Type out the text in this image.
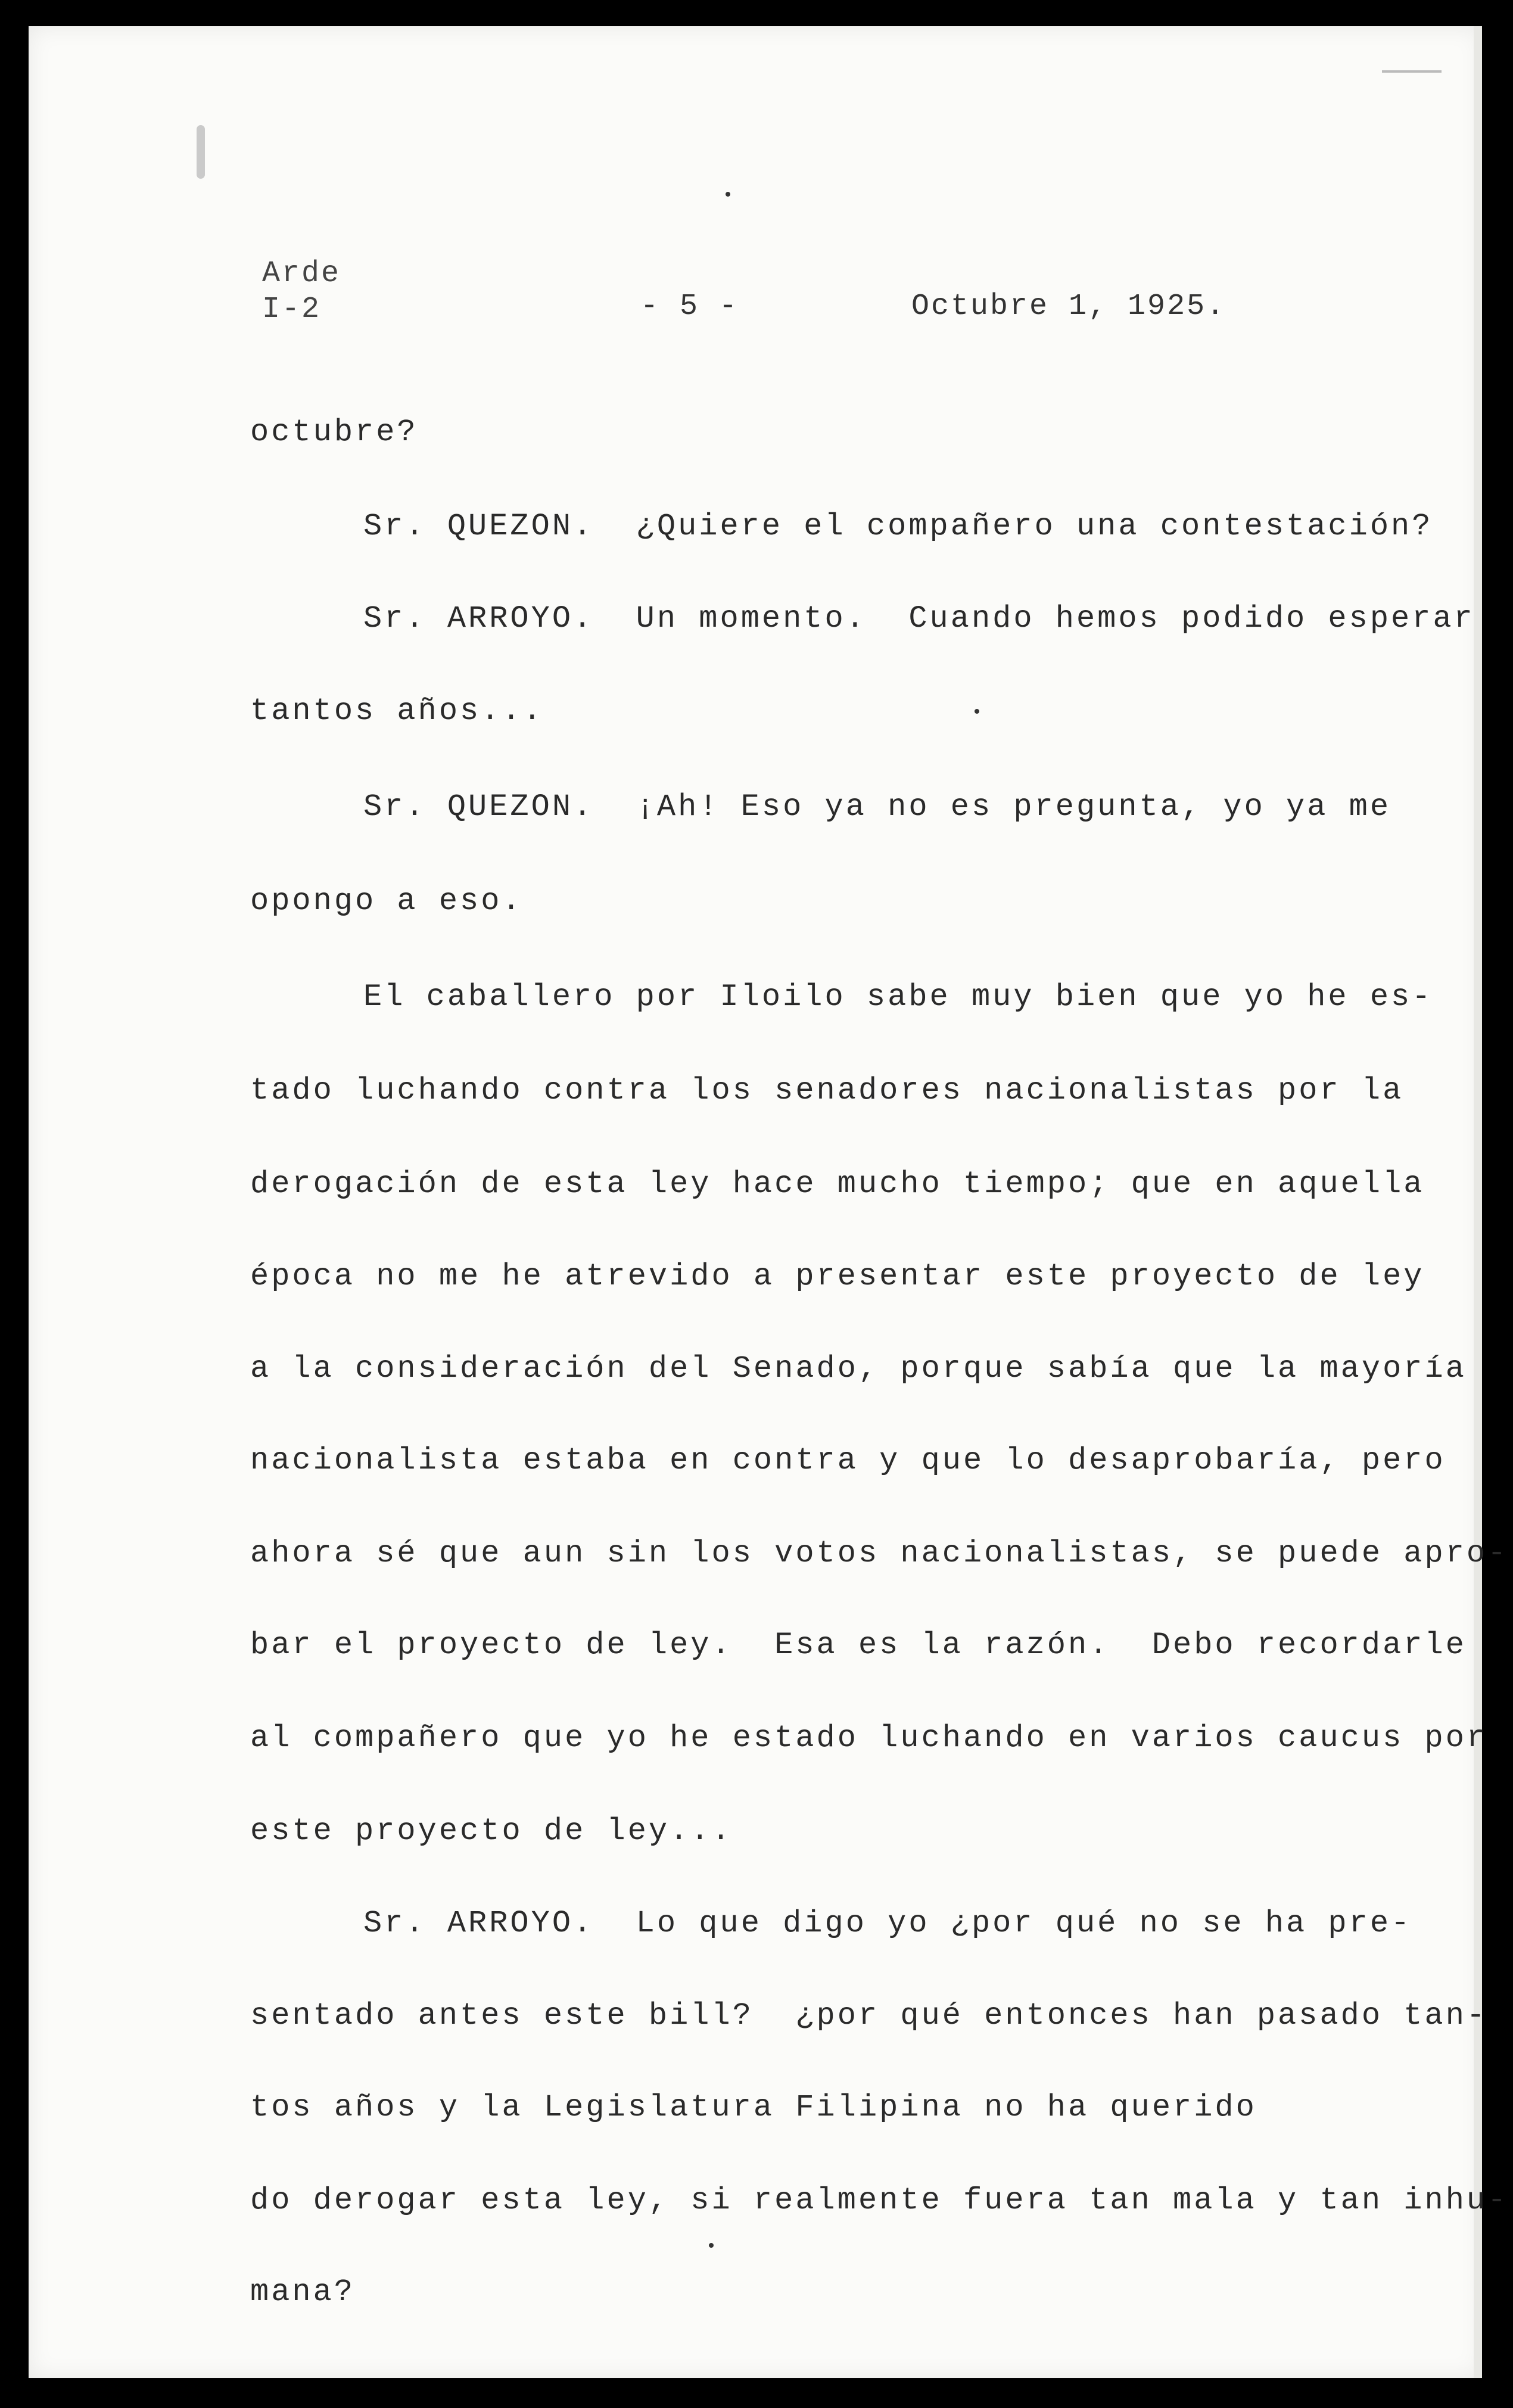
Arde
I-2	- 5 -	Octubre 1, 1925.
octubre?
Sr. QUEZON.  ¿Quiere el compañero una contestación?
Sr. ARROYO.  Un momento.  Cuando hemos podido esperar
tantos años...
Sr. QUEZON.  ¡Ah! Eso ya no es pregunta, yo ya me
opongo a eso.
El caballero por Iloilo sabe muy bien que yo he es-
tado luchando contra los senadores nacionalistas por la
derogación de esta ley hace mucho tiempo; que en aquella
época no me he atrevido a presentar este proyecto de ley
a la consideración del Senado, porque sabía que la mayoría
nacionalista estaba en contra y que lo desaprobaría, pero
ahora sé que aun sin los votos nacionalistas, se puede apro-
bar el proyecto de ley.  Esa es la razón.  Debo recordarle
al compañero que yo he estado luchando en varios caucus por
este proyecto de ley...
Sr. ARROYO.  Lo que digo yo ¿por qué no se ha pre-
sentado antes este bill?  ¿por qué entonces han pasado tan-
tos años y la Legislatura Filipina no ha querido
do derogar esta ley, si realmente fuera tan mala y tan inhu-
mana?
